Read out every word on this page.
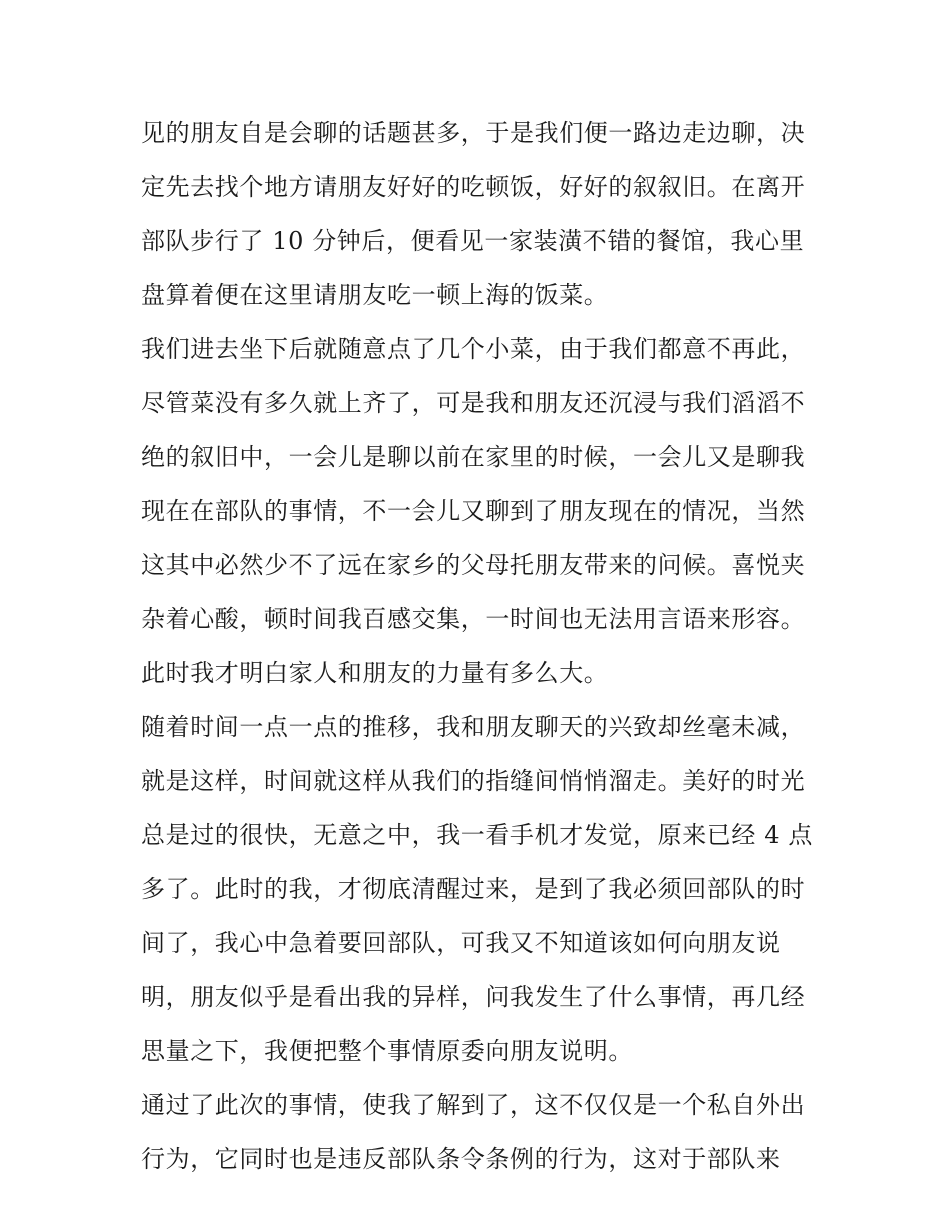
见的朋友自是会聊的话题甚多，于是我们便一路边走边聊，决
定先去找个地方请朋友好好的吃顿饭，好好的叙叙旧。在离开
部队步行了 10 分钟后，便看见一家装潢不错的餐馆，我心里
盘算着便在这里请朋友吃一顿上海的饭菜。
我们进去坐下后就随意点了几个小菜，由于我们都意不再此，
尽管菜没有多久就上齐了，可是我和朋友还沉浸与我们滔滔不
绝的叙旧中，一会儿是聊以前在家里的时候，一会儿又是聊我
现在在部队的事情，不一会儿又聊到了朋友现在的情况，当然
这其中必然少不了远在家乡的父母托朋友带来的问候。喜悦夹
杂着心酸，顿时间我百感交集，一时间也无法用言语来形容。
此时我才明白家人和朋友的力量有多么大。
随着时间一点一点的推移，我和朋友聊天的兴致却丝毫未减，
就是这样，时间就这样从我们的指缝间悄悄溜走。美好的时光
总是过的很快，无意之中，我一看手机才发觉，原来已经 4 点
多了。此时的我，才彻底清醒过来，是到了我必须回部队的时
间了，我心中急着要回部队，可我又不知道该如何向朋友说
明，朋友似乎是看出我的异样，问我发生了什么事情，再几经
思量之下，我便把整个事情原委向朋友说明。
通过了此次的事情，使我了解到了，这不仅仅是一个私自外出
行为，它同时也是违反部队条令条例的行为，这对于部队来
